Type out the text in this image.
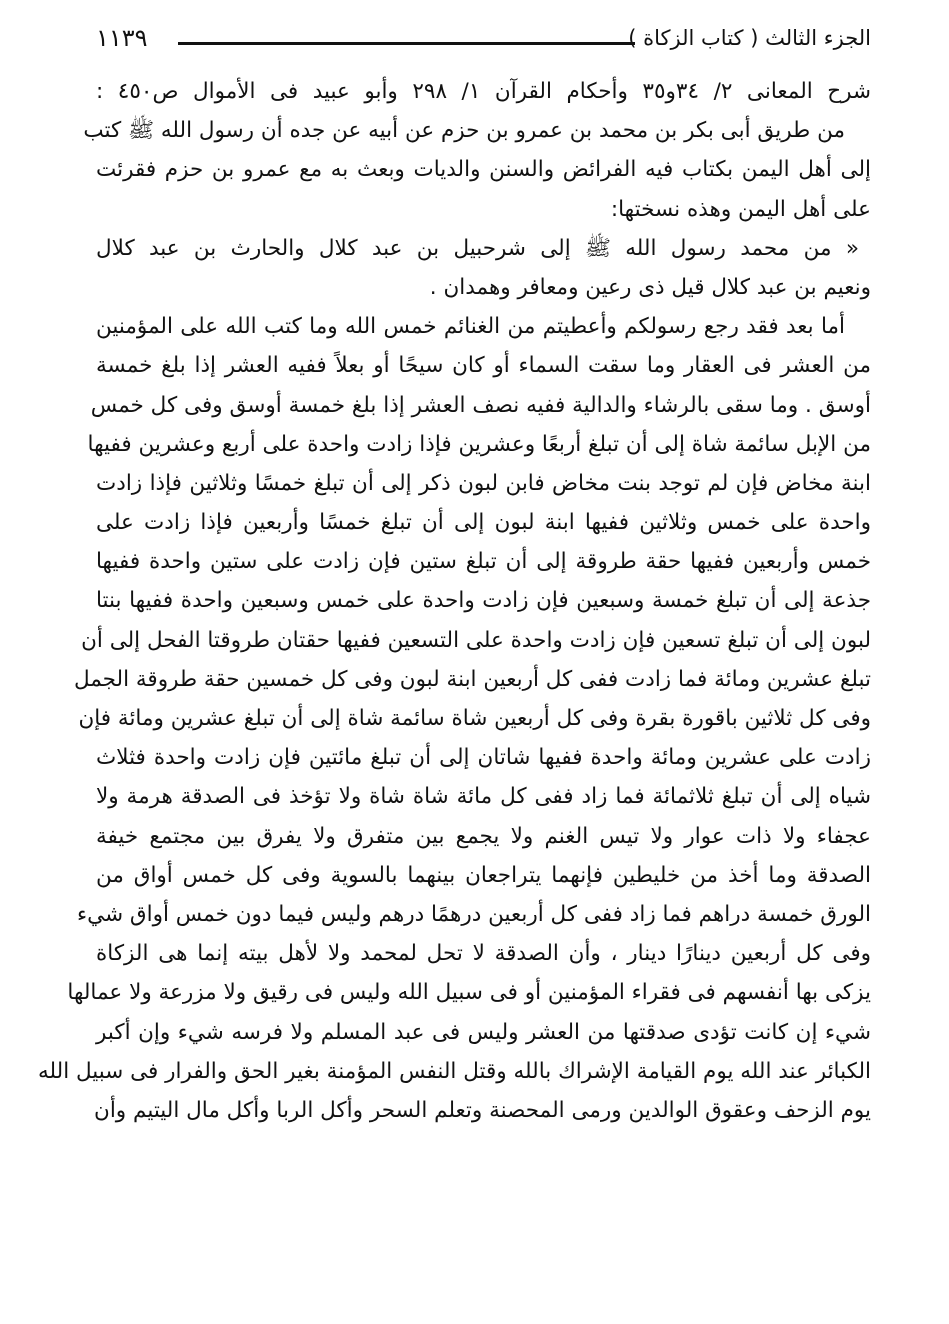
الجزء الثالث ( كتاب الزكاة )
١١٣٩
شرح المعانى ٢/ ٣٤و٣٥ وأحكام القرآن ١/ ٢٩٨ وأبو عبيد فى الأموال ص٤٥٠ :
من طريق أبى بكر بن محمد بن عمرو بن حزم عن أبيه عن جده أن رسول الله ﷺ كتب
إلى أهل اليمن بكتاب فيه الفرائض والسنن والديات وبعث به مع عمرو بن حزم فقرئت
على أهل اليمن وهذه نسختها:
« من محمد رسول الله ﷺ إلى شرحبيل بن عبد كلال والحارث بن عبد كلال
ونعيم بن عبد كلال قيل ذى رعين ومعافر وهمدان .
أما بعد فقد رجع رسولكم وأعطيتم من الغنائم خمس الله وما كتب الله على المؤمنين
من العشر فى العقار وما سقت السماء أو كان سيحًا أو بعلاً ففيه العشر إذا بلغ خمسة
أوسق . وما سقى بالرشاء والدالية ففيه نصف العشر إذا بلغ خمسة أوسق وفى كل خمس
من الإبل سائمة شاة إلى أن تبلغ أربعًا وعشرين فإذا زادت واحدة على أربع وعشرين ففيها
ابنة مخاض فإن لم توجد بنت مخاض فابن لبون ذكر إلى أن تبلغ خمسًا وثلاثين فإذا زادت
واحدة على خمس وثلاثين ففيها ابنة لبون إلى أن تبلغ خمسًا وأربعين فإذا زادت على
خمس وأربعين ففيها حقة طروقة إلى أن تبلغ ستين فإن زادت على ستين واحدة ففيها
جذعة إلى أن تبلغ خمسة وسبعين فإن زادت واحدة على خمس وسبعين واحدة ففيها بنتا
لبون إلى أن تبلغ تسعين فإن زادت واحدة على التسعين ففيها حقتان طروقتا الفحل إلى أن
تبلغ عشرين ومائة فما زادت ففى كل أربعين ابنة لبون وفى كل خمسين حقة طروقة الجمل
وفى كل ثلاثين باقورة بقرة وفى كل أربعين شاة سائمة شاة إلى أن تبلغ عشرين ومائة فإن
زادت على عشرين ومائة واحدة ففيها شاتان إلى أن تبلغ مائتين فإن زادت واحدة فثلاث
شياه إلى أن تبلغ ثلاثمائة فما زاد ففى كل مائة شاة شاة ولا تؤخذ فى الصدقة هرمة ولا
عجفاء ولا ذات عوار ولا تيس الغنم ولا يجمع بين متفرق ولا يفرق بين مجتمع خيفة
الصدقة وما أخذ من خليطين فإنهما يتراجعان بينهما بالسوية وفى كل خمس أواق من
الورق خمسة دراهم فما زاد ففى كل أربعين درهمًا درهم وليس فيما دون خمس أواق شيء
وفى كل أربعين دينارًا دينار ، وأن الصدقة لا تحل لمحمد ولا لأهل بيته إنما هى الزكاة
يزكى بها أنفسهم فى فقراء المؤمنين أو فى سبيل الله وليس فى رقيق ولا مزرعة ولا عمالها
شيء إن كانت تؤدى صدقتها من العشر وليس فى عبد المسلم ولا فرسه شيء وإن أكبر
الكبائر عند الله يوم القيامة الإشراك بالله وقتل النفس المؤمنة بغير الحق والفرار فى سبيل الله
يوم الزحف وعقوق الوالدين ورمى المحصنة وتعلم السحر وأكل الربا وأكل مال اليتيم وأن
